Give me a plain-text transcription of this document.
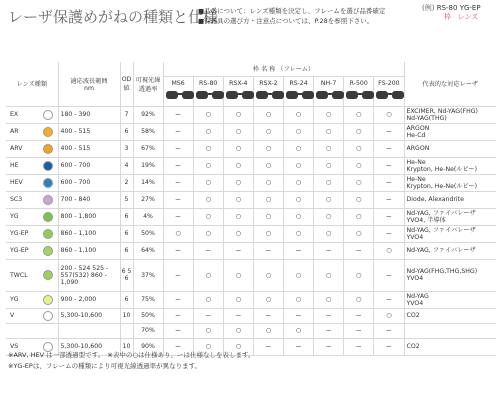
レーザ保護めがねの種類と仕様
■品番について：レンズ種類を決定し、フレームを選び品番確定
■保護具の選び方・注意点については、P.28を参照下さい。
(例) RS-80 YG-EP
枠 レンズ
レンズ種類		適応波長範囲
nm	OD値	可視光線透過率	枠 名 称 （フレーム）								代表的な対応レーザ

					MS6	RS-80	RSX-4	RSX-2	RS-24	NH-7	R-500	FS-200	

EX		180 - 390	7	92%	ー	○	○	○	○	○	○	○	EXCIMER, Nd-YAG(FHG)
Nd-YAG(THG)

AR		400 - 515	6	58%	ー	○	○	○	○	○	○	ー	ARGON
He-Cd

ARV		400 - 515	3	67%	ー	○	○	○	○	○	○	ー	ARGON

HE		600 - 700	4	19%	ー	○	○	○	○	○	○	ー	He-Ne
Krypton, He-Ne(ルビー)

HEV		600 - 700	2	14%	ー	○	○	○	○	○	○	ー	He-Ne
Krypton, He-Ne(ルビー)

SC3		700 - 840	5	27%	ー	○	○	○	○	○	○	ー	Diode, Alexandrite

YG		800 - 1,800	6	4%	ー	○	○	○	○	○	○	ー	Nd-YAG, ファイバレーザ
YVO4, 半導体

YG-EP		860 - 1,100	6	50%	○	○	○	○	○	○	○	ー	Nd-YAG, ファイバレーザ
YVO4

YG-EP		860 - 1,100	6	64%	ー	ー	ー	ー	ー	ー	ー	○	Nd-YAG, ファイバレーザ

TWCL		200 - 524 525 - 557(532) 860 - 1,090	6 5 6	37%	ー	○	○	○	○	○	○	ー	Nd-YAG(FHG,THG,SHG)
YVO4

YG		900 - 2,000	6	75%	ー	○	○	○	○	○	○	ー	Nd-YAG
YVO4

V		5,300-10,600	10	50%	ー	ー	ー	ー	ー	ー	ー	○	CO2

				70%	ー	○	○	○	○	ー	ー	ー	

VS		5,300-10,600	10	90%	ー	○	○	ー	ー	ー	ー	ー	CO2
※ARV, HEV は一部透過型です。　※表中の○は仕様あり、ーは仕様なしを表します。
※YG-EPは、フレームの種類により可視光線透過率が異なります。
